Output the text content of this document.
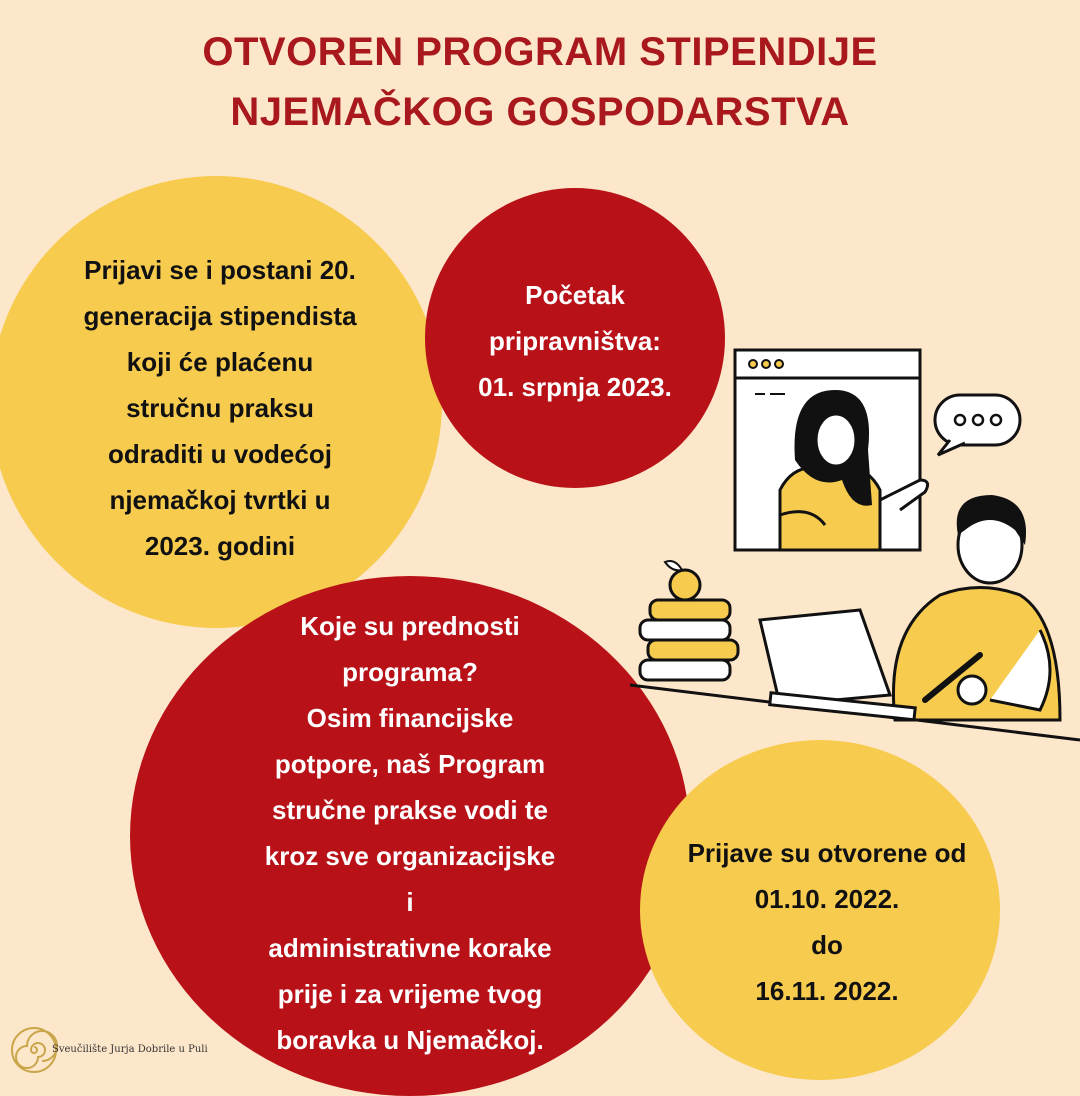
OTVOREN PROGRAM STIPENDIJE
NJEMAČKOG GOSPODARSTVA
Prijavi se i postani 20.
generacija stipendista
koji će plaćenu
stručnu praksu
odraditi u vodećoj
njemačkoj tvrtki u
2023. godini
Početak
pripravništva:
01. srpnja 2023.
Koje su prednosti
programa?
Osim financijske
potpore, naš Program
stručne prakse vodi te
kroz sve organizacijske
i
administrativne korake
prije i za vrijeme tvog
boravka u Njemačkoj.
Prijave su otvorene od
01.10. 2022.
do
16.11. 2022.
Sveučilište Jurja Dobrile u Puli
